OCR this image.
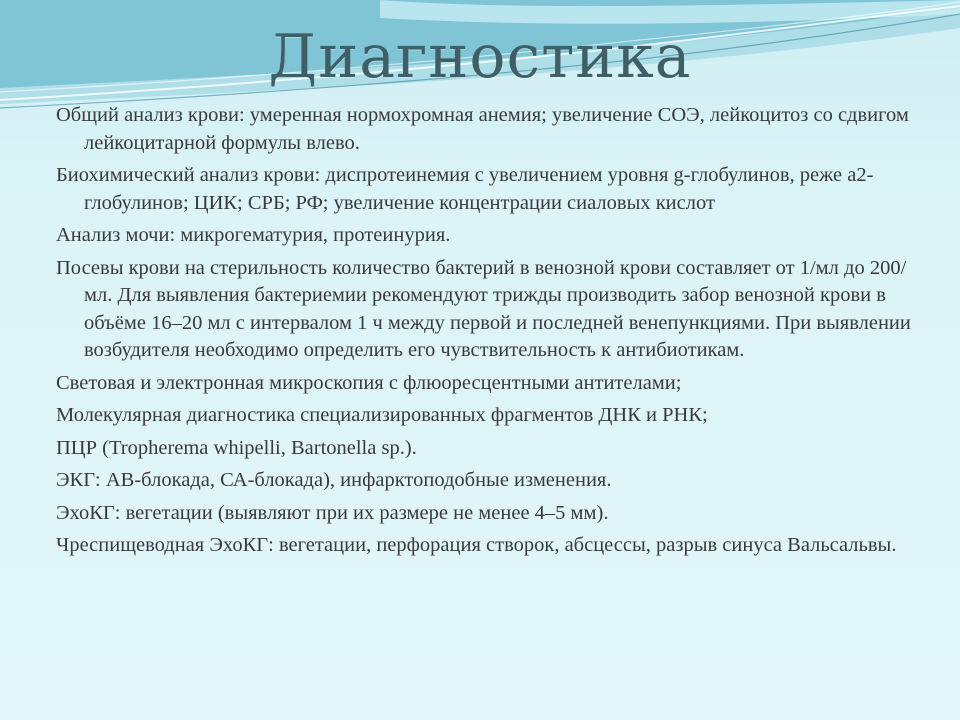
Диагностика
Общий анализ крови: умеренная нормохромная анемия; увеличение СОЭ, лейкоцитоз со сдвигом лейкоцитарной формулы влево.
Биохимический анализ крови: диспротеинемия с увеличением уровня g-глобулинов, реже а2-глобулинов; ЦИК; СРБ; РФ; увеличение концентрации сиаловых кислот
Анализ мочи: микрогематурия, протеинурия.
Посевы крови на стерильность количество бактерий в венозной крови составляет от 1/мл до 200/мл. Для выявления бактериемии рекомендуют трижды производить забор венозной крови в объёме 16–20 мл с интервалом 1 ч между первой и последней венепункциями. При выявлении возбудителя необходимо определить его чувствительность к антибиотикам.
Световая и электронная микроскопия с флюоресцентными антителами;
Молекулярная диагностика специализированных фрагментов ДНК и РНК;
ПЦР (Tropherema whipelli, Bartonella sp.).
ЭКГ: АВ-блокада, СА-блокада), инфарктоподобные изменения.
ЭхоКГ: вегетации (выявляют при их размере не менее 4–5 мм).
Чреспищеводная ЭхоКГ: вегетации, перфорация створок, абсцессы, разрыв синуса Вальсальвы.
